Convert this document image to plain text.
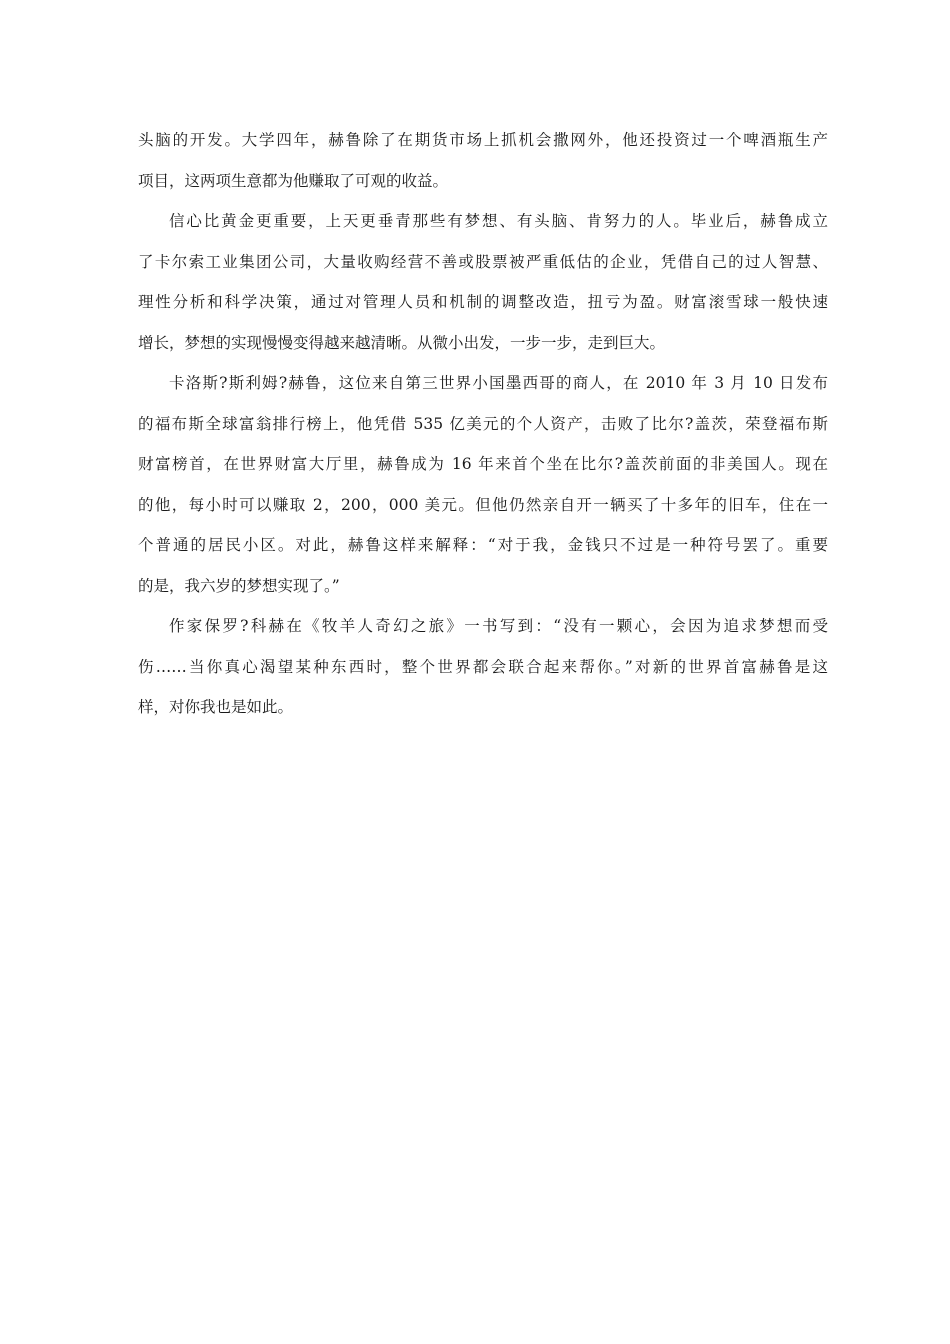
头脑的开发。大学四年，赫鲁除了在期货市场上抓机会撒网外，他还投资过一个啤酒瓶生产
项目，这两项生意都为他赚取了可观的收益。
信心比黄金更重要，上天更垂青那些有梦想、有头脑、肯努力的人。毕业后，赫鲁成立
了卡尔索工业集团公司，大量收购经营不善或股票被严重低估的企业，凭借自己的过人智慧、
理性分析和科学决策，通过对管理人员和机制的调整改造，扭亏为盈。财富滚雪球一般快速
增长，梦想的实现慢慢变得越来越清晰。从微小出发，一步一步，走到巨大。
卡洛斯?斯利姆?赫鲁，这位来自第三世界小国墨西哥的商人，在 2010 年 3 月 10 日发布
的福布斯全球富翁排行榜上，他凭借 535 亿美元的个人资产，击败了比尔?盖茨，荣登福布斯
财富榜首，在世界财富大厅里，赫鲁成为 16 年来首个坐在比尔?盖茨前面的非美国人。现在
的他，每小时可以赚取 2，200，000 美元。但他仍然亲自开一辆买了十多年的旧车，住在一
个普通的居民小区。对此，赫鲁这样来解释：“对于我，金钱只不过是一种符号罢了。重要
的是，我六岁的梦想实现了。”
作家保罗?科赫在《牧羊人奇幻之旅》一书写到：“没有一颗心，会因为追求梦想而受
伤……当你真心渴望某种东西时，整个世界都会联合起来帮你。”对新的世界首富赫鲁是这
样，对你我也是如此。
